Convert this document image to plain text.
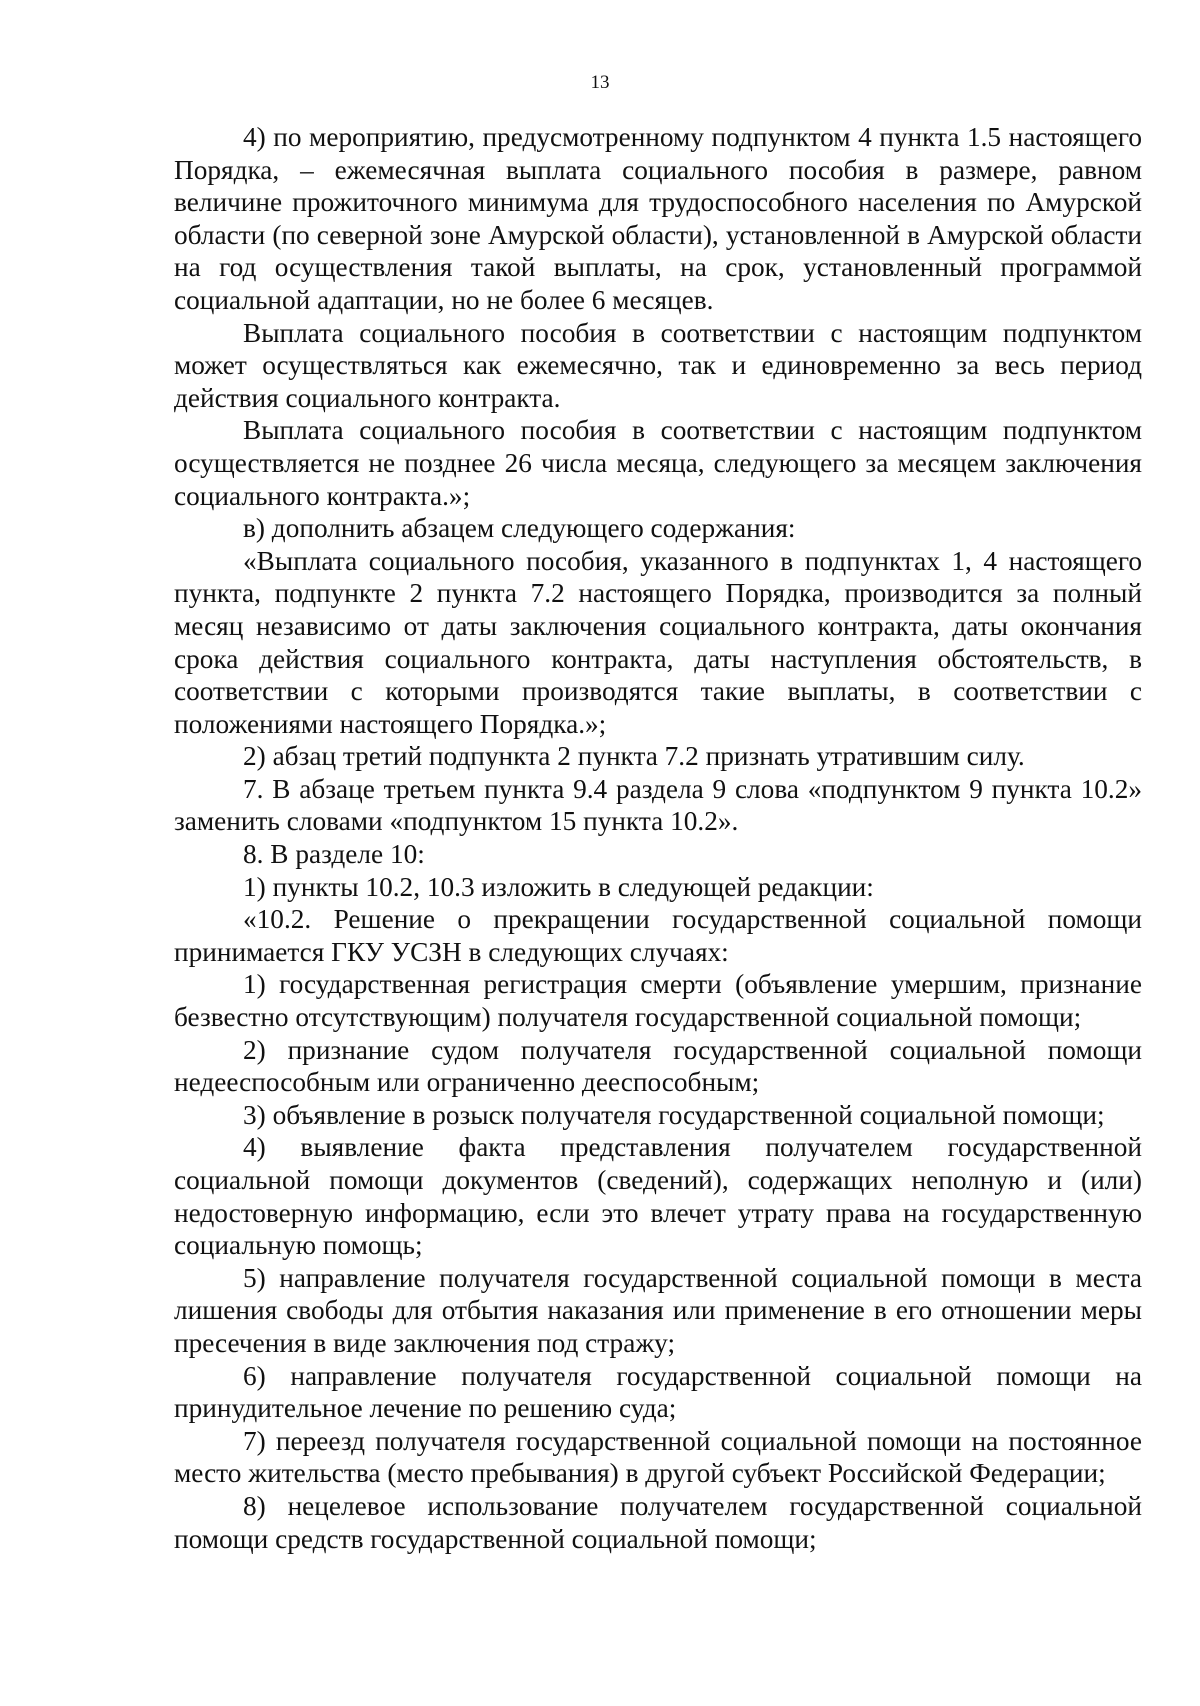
13

4) по мероприятию, предусмотренному подпунктом 4 пункта 1.5 настоящего Порядка, – ежемесячная выплата социального пособия в размере, равном величине прожиточного минимума для трудоспособного населения по Амурской области (по северной зоне Амурской области), установленной в Амурской области на год осуществления такой выплаты, на срок, установленный программой социальной адаптации, но не более 6 месяцев.

Выплата социального пособия в соответствии с настоящим подпунктом может осуществляться как ежемесячно, так и единовременно за весь период действия социального контракта.

Выплата социального пособия в соответствии с настоящим подпунктом осуществляется не позднее 26 числа месяца, следующего за месяцем заключения социального контракта.»;

в) дополнить абзацем следующего содержания:

«Выплата социального пособия, указанного в подпунктах 1, 4 настоящего пункта, подпункте 2 пункта 7.2 настоящего Порядка, производится за полный месяц независимо от даты заключения социального контракта, даты окончания срока действия социального контракта, даты наступления обстоятельств, в соответствии с которыми производятся такие выплаты, в соответствии с положениями настоящего Порядка.»;

2) абзац третий подпункта 2 пункта 7.2 признать утратившим силу.

7. В абзаце третьем пункта 9.4 раздела 9 слова «подпунктом 9 пункта 10.2» заменить словами «подпунктом 15 пункта 10.2».

8. В разделе 10:

1) пункты 10.2, 10.3 изложить в следующей редакции:

«10.2. Решение о прекращении государственной социальной помощи принимается ГКУ УСЗН в следующих случаях:

1) государственная регистрация смерти (объявление умершим, признание безвестно отсутствующим) получателя государственной социальной помощи;

2) признание судом получателя государственной социальной помощи недееспособным или ограниченно дееспособным;

3) объявление в розыск получателя государственной социальной помощи;

4) выявление факта представления получателем государственной социальной помощи документов (сведений), содержащих неполную и (или) недостоверную информацию, если это влечет утрату права на государственную социальную помощь;

5) направление получателя государственной социальной помощи в места лишения свободы для отбытия наказания или применение в его отношении меры пресечения в виде заключения под стражу;

6) направление получателя государственной социальной помощи на принудительное лечение по решению суда;

7) переезд получателя государственной социальной помощи на постоянное место жительства (место пребывания) в другой субъект Российской Федерации;

8) нецелевое использование получателем государственной социальной помощи средств государственной социальной помощи;
